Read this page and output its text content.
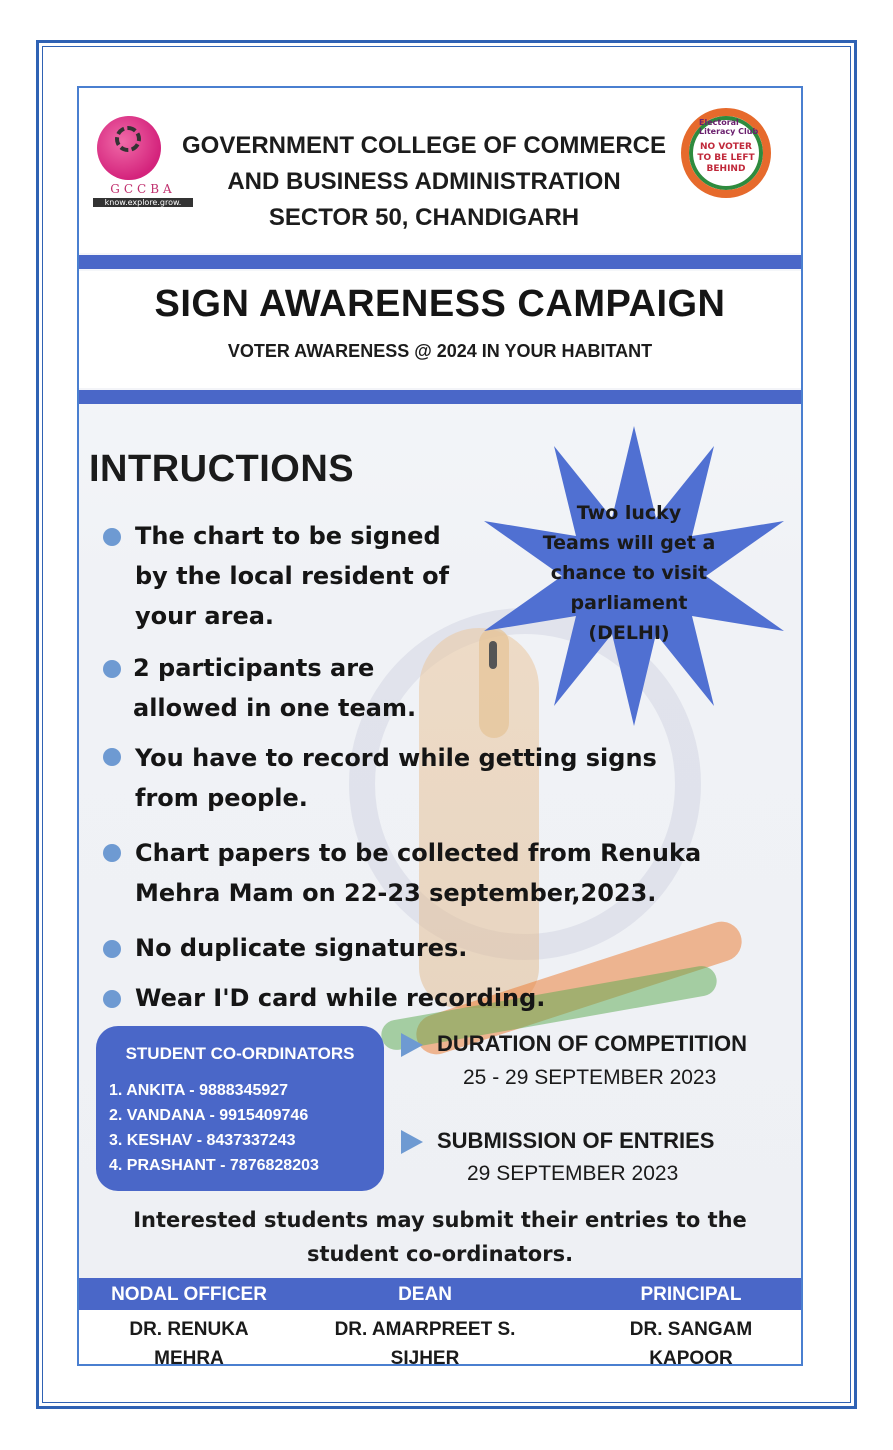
GCCBA
know.explore.grow.
GOVERNMENT COLLEGE OF COMMERCE
AND BUSINESS ADMINISTRATION
SECTOR 50, CHANDIGARH
Electoral Literacy Club
NO VOTER TO BE LEFT BEHIND
SIGN AWARENESS CAMPAIGN
VOTER AWARENESS @ 2024 IN YOUR HABITANT
INTRUCTIONS
Two lucky
Teams will get a
chance to visit
parliament
(DELHI)
The chart to be signed
by the local resident of
your area.
2 participants are
allowed in one team.
You have to record while getting signs
from people.
Chart papers to be collected from Renuka
Mehra Mam on 22-23 september,2023.
No duplicate signatures.
Wear I'D card while recording.
STUDENT CO-ORDINATORS
1. ANKITA - 9888345927
2. VANDANA - 9915409746
3. KESHAV - 8437337243
4. PRASHANT - 7876828203
DURATION OF COMPETITION
25 - 29 SEPTEMBER 2023
SUBMISSION OF ENTRIES
29 SEPTEMBER 2023
Interested students may submit their entries to the
student co-ordinators.
NODAL OFFICER
DR. RENUKA
MEHRA
DEAN
DR. AMARPREET S.
SIJHER
PRINCIPAL
DR. SANGAM
KAPOOR
